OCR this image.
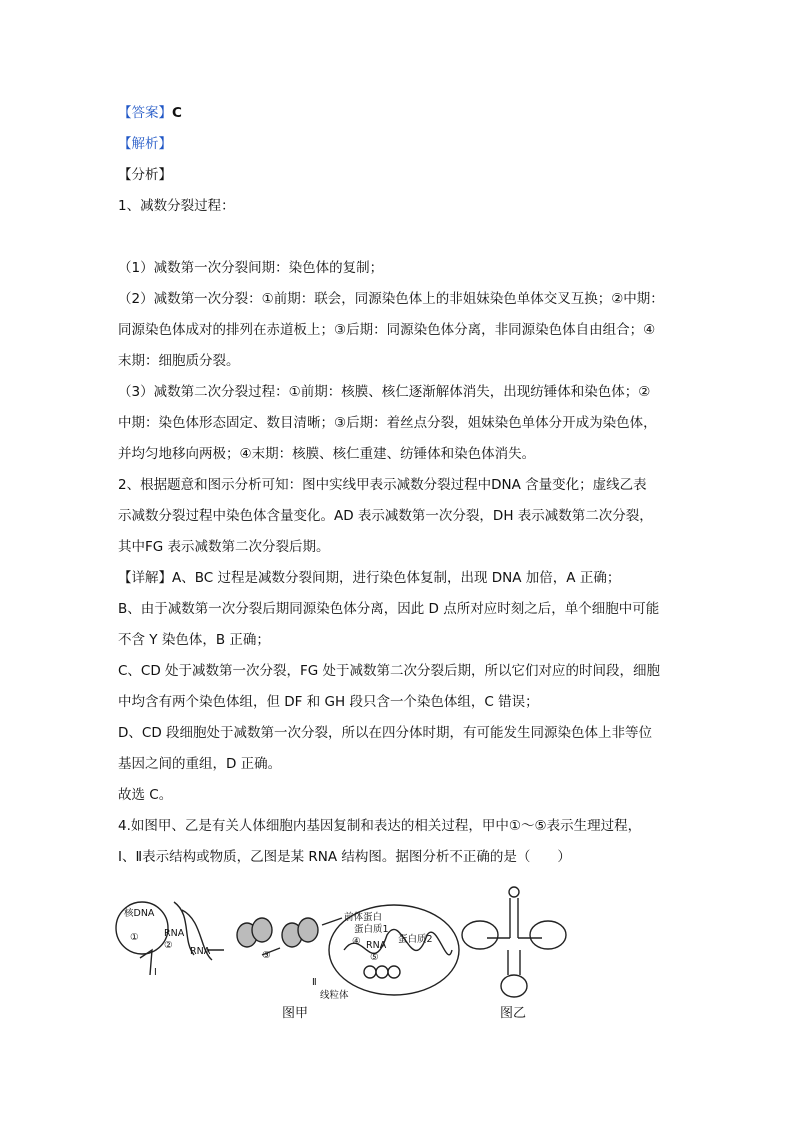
【答案】C
【解析】
【分析】
1、减数分裂过程：
（1）减数第一次分裂间期：染色体的复制；
（2）减数第一次分裂：①前期：联会，同源染色体上的非姐妹染色单体交叉互换；②中期：
同源染色体成对的排列在赤道板上；③后期：同源染色体分离，非同源染色体自由组合；④
末期：细胞质分裂。
（3）减数第二次分裂过程：①前期：核膜、核仁逐渐解体消失，出现纺锤体和染色体；②
中期：染色体形态固定、数目清晰；③后期：着丝点分裂，姐妹染色单体分开成为染色体，
并均匀地移向两极；④末期：核膜、核仁重建、纺锤体和染色体消失。
2、根据题意和图示分析可知：图中实线甲表示减数分裂过程中DNA 含量变化；虚线乙表
示减数分裂过程中染色体含量变化。AD 表示减数第一次分裂，DH 表示减数第二次分裂，
其中FG 表示减数第二次分裂后期。
【详解】A、BC 过程是减数分裂间期，进行染色体复制，出现 DNA 加倍，A 正确；
B、由于减数第一次分裂后期同源染色体分离，因此 D 点所对应时刻之后，单个细胞中可能
不含 Y 染色体，B 正确；
C、CD 处于减数第一次分裂，FG 处于减数第二次分裂后期，所以它们对应的时间段，细胞
中均含有两个染色体组，但 DF 和 GH 段只含一个染色体组，C 错误；
D、CD 段细胞处于减数第一次分裂，所以在四分体时期，有可能发生同源染色体上非等位
基因之间的重组，D 正确。
故选 C。
4.如图甲、乙是有关人体细胞内基因复制和表达的相关过程，甲中①～⑤表示生理过程，
Ⅰ、Ⅱ表示结构或物质，乙图是某 RNA 结构图。据图分析不正确的是（　　）
核DNA
①	RNA
②
RNA
Ⅰ
③
前体蛋白
蛋白质1
④ RNA
⑤
蛋白质2
Ⅱ
线粒体
图甲	图乙
